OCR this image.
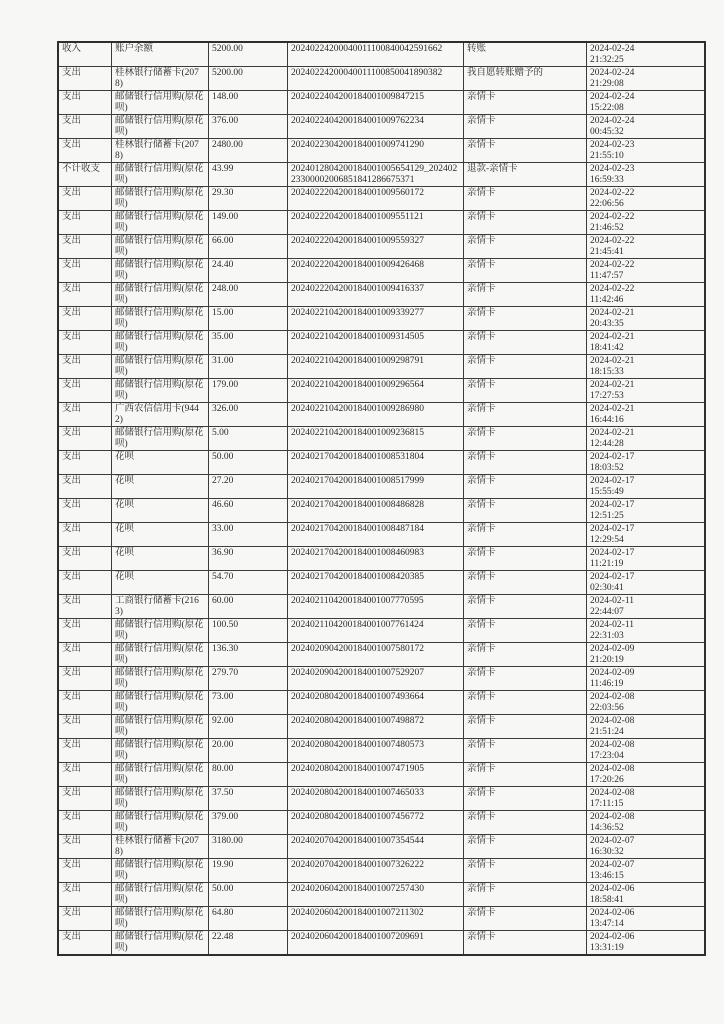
收入	账户余额	5200.00	20240224200040011100840042591662	转账	2024-02-24
21:32:25

支出	桂林银行储蓄卡(2078)	5200.00	20240224200040011100850041890382	我自愿转账赠予的	2024-02-24
21:29:08

支出	邮储银行信用购(原花呗)	148.00	2024022404200184001009847215	亲情卡	2024-02-24
15:22:08

支出	邮储银行信用购(原花呗)	376.00	2024022404200184001009762234	亲情卡	2024-02-24
00:45:32

支出	桂林银行储蓄卡(2078)	2480.00	2024022304200184001009741290	亲情卡	2024-02-23
21:55:10

不计收支	邮储银行信用购(原花呗)	43.99	2024012804200184001005654129_20240223300002006851841286675371	退款-亲情卡	2024-02-23
16:59:33

支出	邮储银行信用购(原花呗)	29.30	2024022204200184001009560172	亲情卡	2024-02-22
22:06:56

支出	邮储银行信用购(原花呗)	149.00	2024022204200184001009551121	亲情卡	2024-02-22
21:46:52

支出	邮储银行信用购(原花呗)	66.00	2024022204200184001009559327	亲情卡	2024-02-22
21:45:41

支出	邮储银行信用购(原花呗)	24.40	2024022204200184001009426468	亲情卡	2024-02-22
11:47:57

支出	邮储银行信用购(原花呗)	248.00	2024022204200184001009416337	亲情卡	2024-02-22
11:42:46

支出	邮储银行信用购(原花呗)	15.00	2024022104200184001009339277	亲情卡	2024-02-21
20:43:35

支出	邮储银行信用购(原花呗)	35.00	2024022104200184001009314505	亲情卡	2024-02-21
18:41:42

支出	邮储银行信用购(原花呗)	31.00	2024022104200184001009298791	亲情卡	2024-02-21
18:15:33

支出	邮储银行信用购(原花呗)	179.00	2024022104200184001009296564	亲情卡	2024-02-21
17:27:53

支出	广西农信信用卡(9442)	326.00	2024022104200184001009286980	亲情卡	2024-02-21
16:44:16

支出	邮储银行信用购(原花呗)	5.00	2024022104200184001009236815	亲情卡	2024-02-21
12:44:28

支出	花呗	50.00	2024021704200184001008531804	亲情卡	2024-02-17
18:03:52

支出	花呗	27.20	2024021704200184001008517999	亲情卡	2024-02-17
15:55:49

支出	花呗	46.60	2024021704200184001008486828	亲情卡	2024-02-17
12:51:25

支出	花呗	33.00	2024021704200184001008487184	亲情卡	2024-02-17
12:29:54

支出	花呗	36.90	2024021704200184001008460983	亲情卡	2024-02-17
11:21:19

支出	花呗	54.70	2024021704200184001008420385	亲情卡	2024-02-17
02:30:41

支出	工商银行储蓄卡(2163)	60.00	2024021104200184001007770595	亲情卡	2024-02-11
22:44:07

支出	邮储银行信用购(原花呗)	100.50	2024021104200184001007761424	亲情卡	2024-02-11
22:31:03

支出	邮储银行信用购(原花呗)	136.30	2024020904200184001007580172	亲情卡	2024-02-09
21:20:19

支出	邮储银行信用购(原花呗)	279.70	2024020904200184001007529207	亲情卡	2024-02-09
11:46:19

支出	邮储银行信用购(原花呗)	73.00	2024020804200184001007493664	亲情卡	2024-02-08
22:03:56

支出	邮储银行信用购(原花呗)	92.00	2024020804200184001007498872	亲情卡	2024-02-08
21:51:24

支出	邮储银行信用购(原花呗)	20.00	2024020804200184001007480573	亲情卡	2024-02-08
17:23:04

支出	邮储银行信用购(原花呗)	80.00	2024020804200184001007471905	亲情卡	2024-02-08
17:20:26

支出	邮储银行信用购(原花呗)	37.50	2024020804200184001007465033	亲情卡	2024-02-08
17:11:15

支出	邮储银行信用购(原花呗)	379.00	2024020804200184001007456772	亲情卡	2024-02-08
14:36:52

支出	桂林银行储蓄卡(2078)	3180.00	2024020704200184001007354544	亲情卡	2024-02-07
16:30:32

支出	邮储银行信用购(原花呗)	19.90	2024020704200184001007326222	亲情卡	2024-02-07
13:46:15

支出	邮储银行信用购(原花呗)	50.00	2024020604200184001007257430	亲情卡	2024-02-06
18:58:41

支出	邮储银行信用购(原花呗)	64.80	2024020604200184001007211302	亲情卡	2024-02-06
13:47:14

支出	邮储银行信用购(原花呗)	22.48	2024020604200184001007209691	亲情卡	2024-02-06
13:31:19
